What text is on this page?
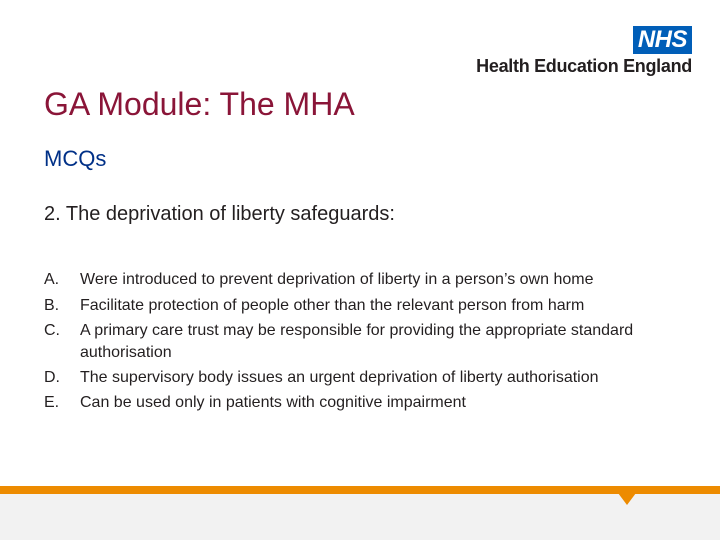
NHS
Health Education England
GA Module: The MHA
MCQs
2. The deprivation of liberty safeguards:
A.	Were introduced to prevent deprivation of liberty in a person’s own home
B.	Facilitate protection of people other than the relevant person from harm
C.	A primary care trust may be responsible for providing the appropriate standard authorisation
D.	The supervisory body issues an urgent deprivation of liberty authorisation
E.	Can be used only in patients with cognitive impairment
